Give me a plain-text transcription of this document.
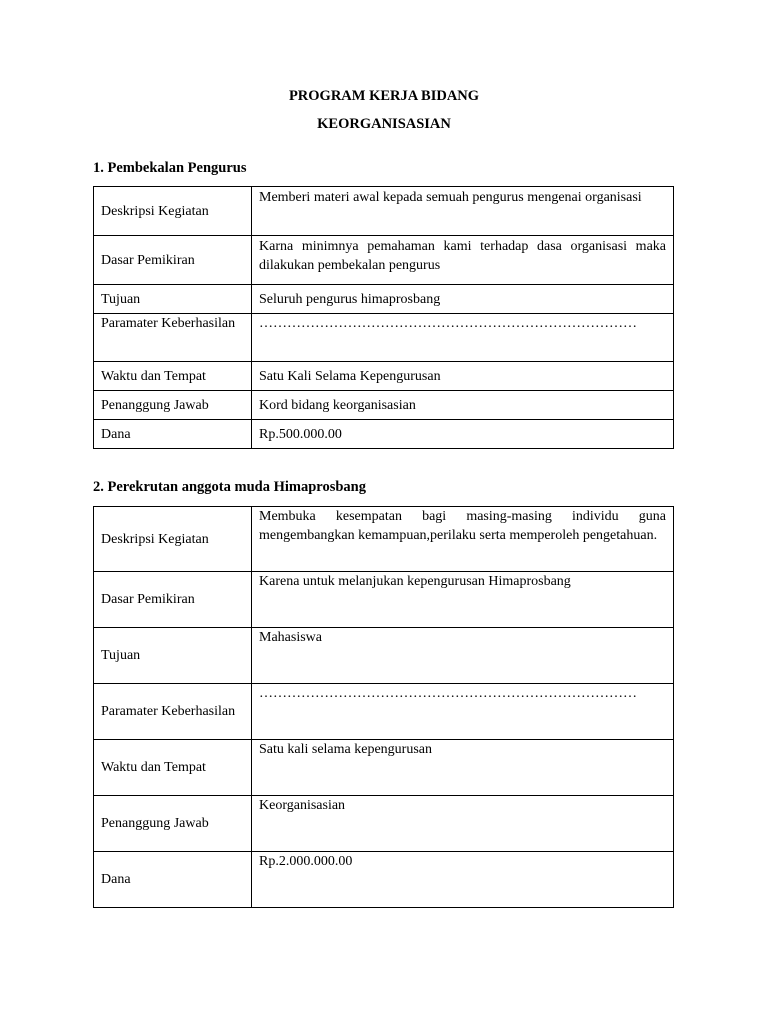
PROGRAM KERJA BIDANG
KEORGANISASIAN
1. Pembekalan Pengurus
Deskripsi Kegiatan	Memberi materi awal kepada semuah pengurus mengenai organisasi
Dasar Pemikiran	Karna minimnya pemahaman kami terhadap dasa organisasi maka dilakukan pembekalan pengurus
Tujuan	Seluruh pengurus himaprosbang
Paramater Keberhasilan	………………………………………………………………………
Waktu dan Tempat	Satu Kali Selama Kepengurusan
Penanggung Jawab	Kord bidang keorganisasian
Dana	Rp.500.000.00
2. Perekrutan anggota muda Himaprosbang
Deskripsi Kegiatan	Membuka kesempatan bagi masing-masing individu guna mengembangkan kemampuan,perilaku serta memperoleh pengetahuan.
Dasar Pemikiran	Karena untuk melanjukan kepengurusan Himaprosbang
Tujuan	Mahasiswa
Paramater Keberhasilan	………………………………………………………………………
Waktu dan Tempat	Satu kali selama kepengurusan
Penanggung Jawab	Keorganisasian
Dana	Rp.2.000.000.00
